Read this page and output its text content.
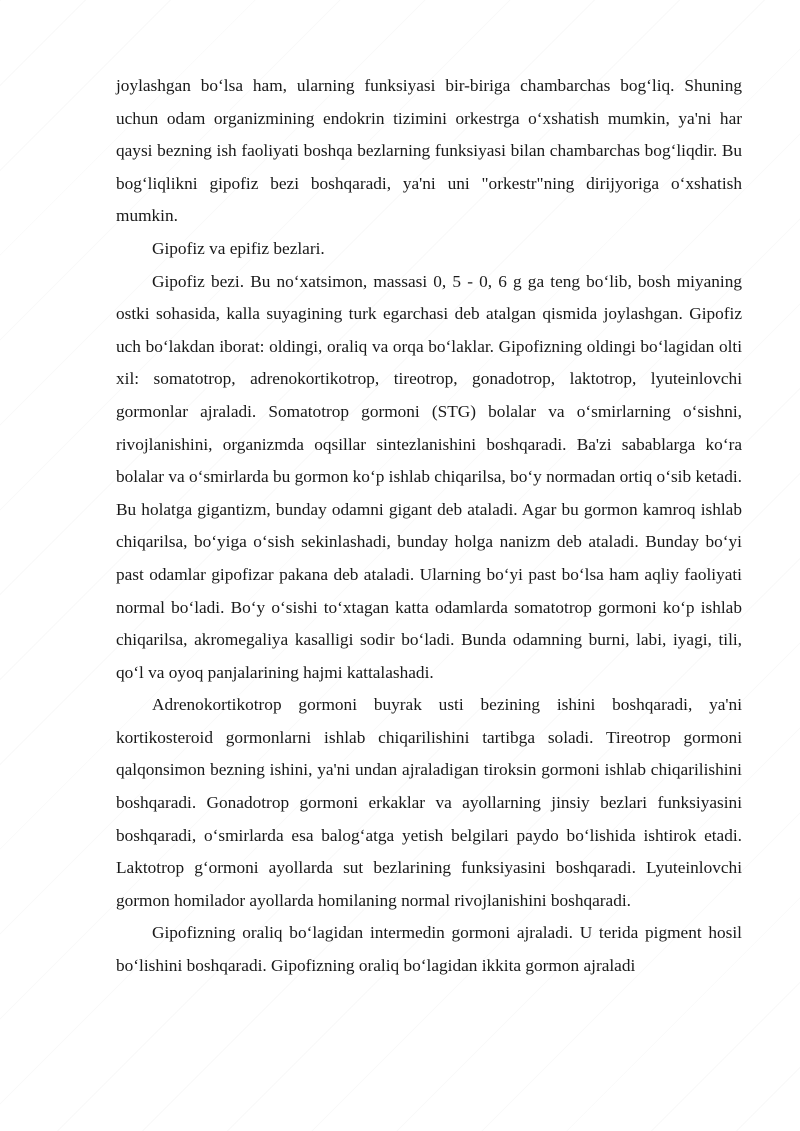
joylashgan bo‘lsa ham, ularning funksiyasi bir-biriga chambarchas bog‘liq. Shuning uchun odam organizmining endokrin tizimini orkestrga o‘xshatish mumkin, ya'ni har qaysi bezning ish faoliyati boshqa bezlarning funksiyasi bilan chambarchas bog‘liqdir. Bu bog‘liqlikni gipofiz bezi boshqaradi, ya'ni uni "orkestr"ning dirijyoriga o‘xshatish mumkin.

Gipofiz va epifiz bezlari.

Gipofiz bezi. Bu no‘xatsimon, massasi 0, 5 - 0, 6 g ga teng bo‘lib, bosh miyaning ostki sohasida, kalla suyagining turk egarchasi deb atalgan qismida joylashgan. Gipofiz uch bo‘lakdan iborat: oldingi, oraliq va orqa bo‘laklar. Gipofizning oldingi bo‘lagidan olti xil: somatotrop, adrenokortikotrop, tireotrop, gonadotrop, laktotrop, lyuteinlovchi gormonlar ajraladi. Somatotrop gormoni (STG) bolalar va o‘smirlarning o‘sishni, rivojlanishini, organizmda oqsillar sintezlanishini boshqaradi. Ba'zi sabablarga ko‘ra bolalar va o‘smirlarda bu gormon ko‘p ishlab chiqarilsa, bo‘y normadan ortiq o‘sib ketadi. Bu holatga gigantizm, bunday odamni gigant deb ataladi. Agar bu gormon kamroq ishlab chiqarilsa, bo‘yiga o‘sish sekinlashadi, bunday holga nanizm deb ataladi. Bunday bo‘yi past odamlar gipofizar pakana deb ataladi. Ularning bo‘yi past bo‘lsa ham aqliy faoliyati normal bo‘ladi. Bo‘y o‘sishi to‘xtagan katta odamlarda somatotrop gormoni ko‘p ishlab chiqarilsa, akromegaliya kasalligi sodir bo‘ladi. Bunda odamning burni, labi, iyagi, tili, qo‘l va oyoq panjalarining hajmi kattalashadi.

Adrenokortikotrop gormoni buyrak usti bezining ishini boshqaradi, ya'ni kortikosteroid gormonlarni ishlab chiqarilishini tartibga soladi. Tireotrop gormoni qalqonsimon bezning ishini, ya'ni undan ajraladigan tiroksin gormoni ishlab chiqarilishini boshqaradi. Gonadotrop gormoni erkaklar va ayollarning jinsiy bezlari funksiyasini boshqaradi, o‘smirlarda esa balog‘atga yetish belgilari paydo bo‘lishida ishtirok etadi. Laktotrop g‘ormoni ayollarda sut bezlarining funksiyasini boshqaradi. Lyuteinlovchi gormon homilador ayollarda homilaning normal rivojlanishini boshqaradi.

Gipofizning oraliq bo‘lagidan intermedin gormoni ajraladi. U terida pigment hosil bo‘lishini boshqaradi. Gipofizning oraliq bo‘lagidan ikkita gormon ajraladi
